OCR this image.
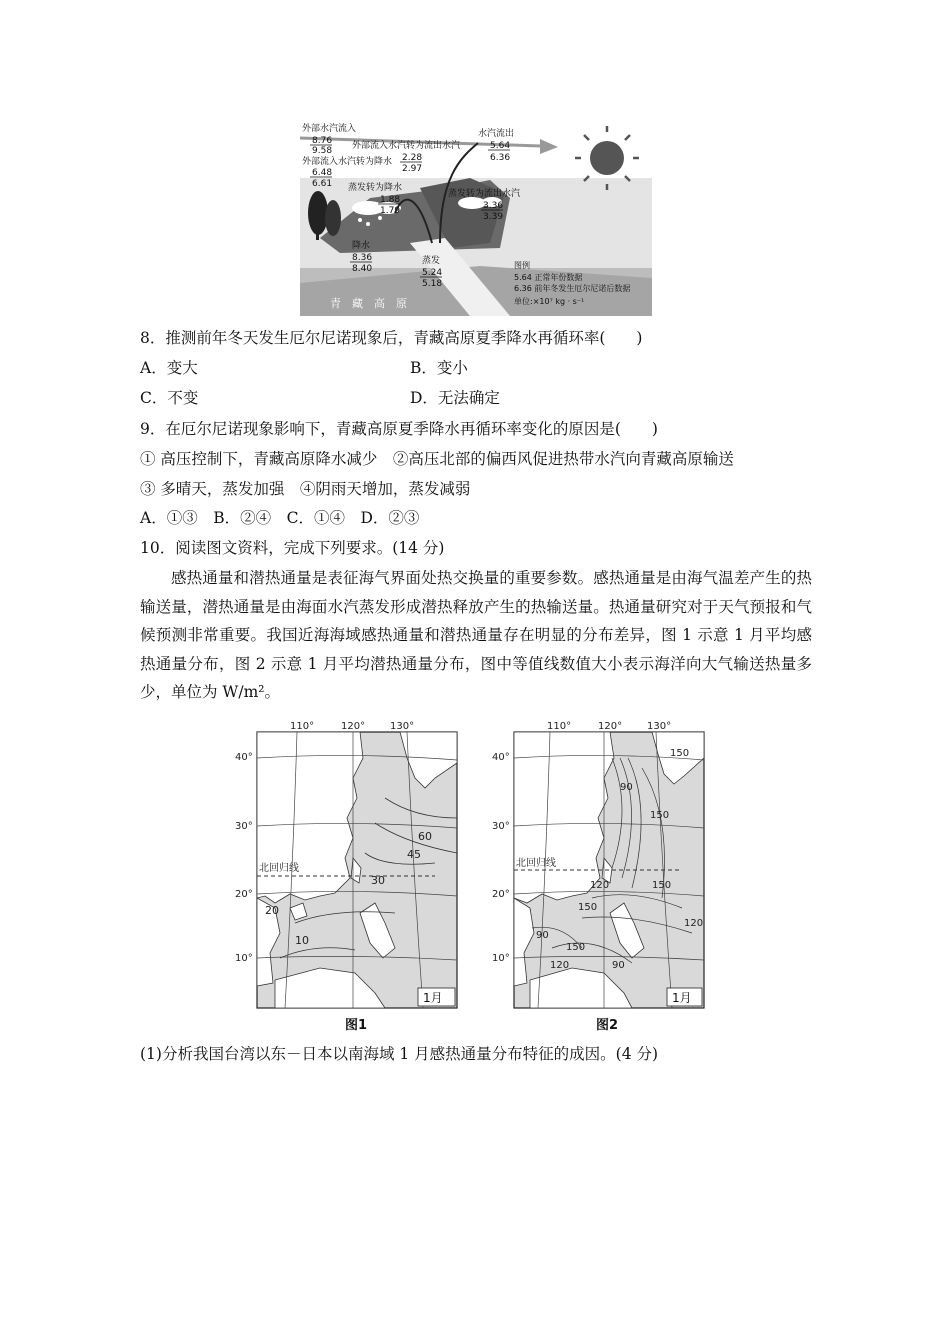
外部水汽流入
8.76
9.58 外部流入水汽转为流出水汽
2.28
2.97
水汽流出
5.64
6.36
外部流入水汽转为降水
6.48
6.61 蒸发转为降水
1.88
1.79
蒸发转为流出水汽
3.36
3.39
降水
8.36
8.40
蒸发
5.24
5.18
图例
5.64 正常年份数据
6.36 前年冬发生厄尔尼诺后数据
单位:×10⁷ kg · s⁻¹
青　藏　高　原
8．推测前年冬天发生厄尔尼诺现象后，青藏高原夏季降水再循环率(　　)
A．变大	B．变小
C．不变	D．无法确定
9．在厄尔尼诺现象影响下，青藏高原夏季降水再循环率变化的原因是(　　)
① 高压控制下，青藏高原降水减少　②高压北部的偏西风促进热带水汽向青藏高原输送
③ 多晴天，蒸发加强　④阴雨天增加，蒸发减弱
A．①③　B．②④　C．①④　D．②③
10．阅读图文资料，完成下列要求。(14 分)
感热通量和潜热通量是表征海气界面处热交换量的重要参数。感热通量是由海气温差产生的热输送量，潜热通量是由海面水汽蒸发形成潜热释放产生的热输送量。热通量研究对于天气预报和气候预测非常重要。我国近海海域感热通量和潜热通量存在明显的分布差异，图 1 示意 1 月平均感热通量分布，图 2 示意 1 月平均潜热通量分布，图中等值线数值大小表示海洋向大气输送热量多少，单位为 W/m²。
110°	120° 130°
40°
30°
20°
10°
北回归线
60
45
30
20
10
1月
图1
110°	120° 130°
40°
30°
20°
10°
北回归线
150
90
150
120	150
150
120
90
150
120	90
1月
图2
(1)分析我国台湾以东－日本以南海域 1 月感热通量分布特征的成因。(4 分)
